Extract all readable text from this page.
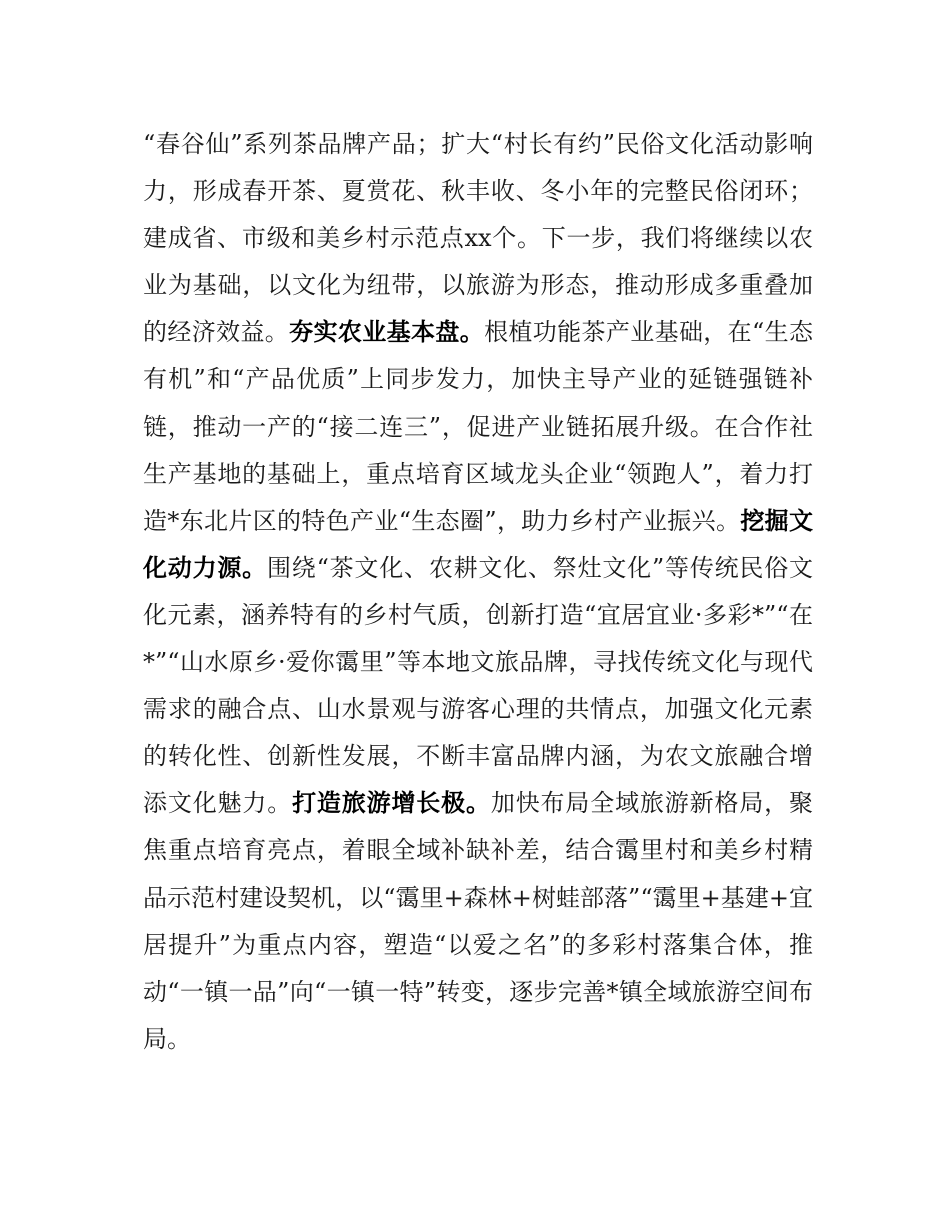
“春谷仙”系列茶品牌产品；扩大“村长有约”民俗文化活动影响力，形成春开茶、夏赏花、秋丰收、冬小年的完整民俗闭环；建成省、市级和美乡村示范点xx个。下一步，我们将继续以农业为基础，以文化为纽带，以旅游为形态，推动形成多重叠加的经济效益。夯实农业基本盘。根植功能茶产业基础，在“生态有机”和“产品优质”上同步发力，加快主导产业的延链强链补链，推动一产的“接二连三”，促进产业链拓展升级。在合作社生产基地的基础上，重点培育区域龙头企业“领跑人”，着力打造*东北片区的特色产业“生态圈”，助力乡村产业振兴。挖掘文化动力源。围绕“茶文化、农耕文化、祭灶文化”等传统民俗文化元素，涵养特有的乡村气质，创新打造“宜居宜业·多彩*”“在*”“山水原乡·爱你霭里”等本地文旅品牌，寻找传统文化与现代需求的融合点、山水景观与游客心理的共情点，加强文化元素的转化性、创新性发展，不断丰富品牌内涵，为农文旅融合增添文化魅力。打造旅游增长极。加快布局全域旅游新格局，聚焦重点培育亮点，着眼全域补缺补差，结合霭里村和美乡村精品示范村建设契机，以“霭里+森林+树蛙部落”“霭里+基建+宜居提升”为重点内容，塑造“以爱之名”的多彩村落集合体，推动“一镇一品”向“一镇一特”转变，逐步完善*镇全域旅游空间布局。
